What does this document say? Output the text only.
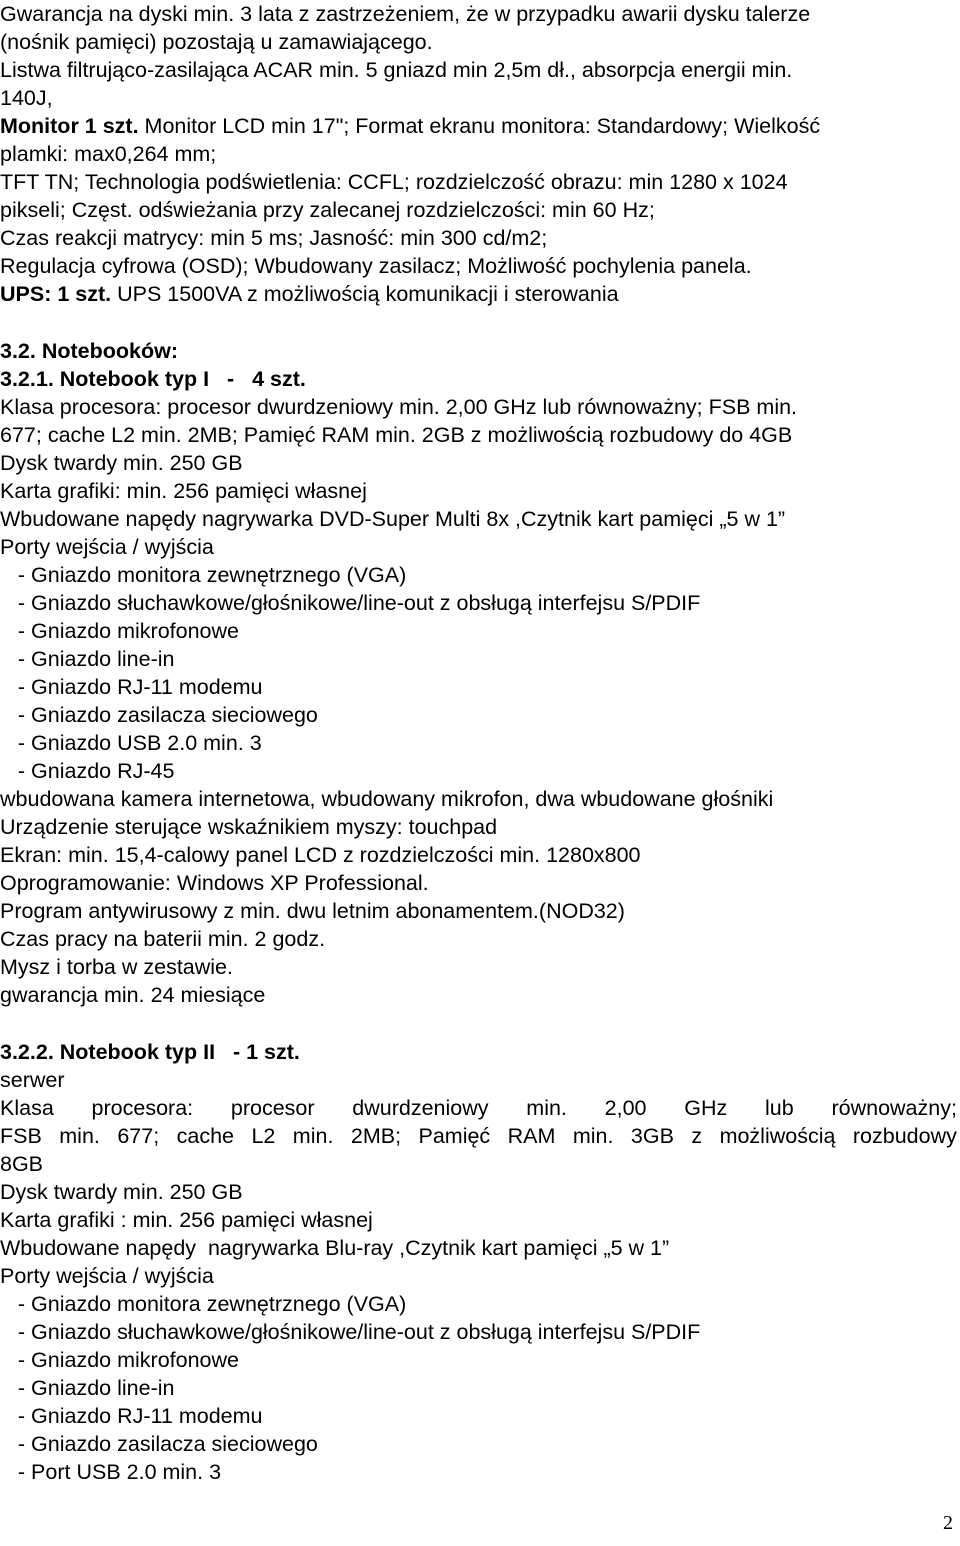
Gwarancja na dyski min. 3 lata z zastrzeżeniem, że w przypadku awarii dysku talerze
(nośnik pamięci) pozostają u zamawiającego.
Listwa filtrująco-zasilająca ACAR min. 5 gniazd min 2,5m dł., absorpcja energii min.
140J,
Monitor 1 szt. Monitor LCD min 17"; Format ekranu monitora: Standardowy; Wielkość
plamki: max0,264 mm;
TFT TN; Technologia podświetlenia: CCFL; rozdzielczość obrazu: min 1280 x 1024
pikseli; Częst. odświeżania przy zalecanej rozdzielczości: min 60 Hz;
Czas reakcji matrycy: min 5 ms; Jasność: min 300 cd/m2;
Regulacja cyfrowa (OSD); Wbudowany zasilacz; Możliwość pochylenia panela.
UPS: 1 szt. UPS 1500VA z możliwością komunikacji i sterowania
3.2. Notebooków:
3.2.1. Notebook typ I   -   4 szt.
Klasa procesora: procesor dwurdzeniowy min. 2,00 GHz lub równoważny; FSB min.
677; cache L2 min. 2MB; Pamięć RAM min. 2GB z możliwością rozbudowy do 4GB
Dysk twardy min. 250 GB
Karta grafiki: min. 256 pamięci własnej
Wbudowane napędy nagrywarka DVD-Super Multi 8x ,Czytnik kart pamięci „5 w 1”
Porty wejścia / wyjścia
- Gniazdo monitora zewnętrznego (VGA)
- Gniazdo słuchawkowe/głośnikowe/line-out z obsługą interfejsu S/PDIF
- Gniazdo mikrofonowe
- Gniazdo line-in
- Gniazdo RJ-11 modemu
- Gniazdo zasilacza sieciowego
- Gniazdo USB 2.0 min. 3
- Gniazdo RJ-45
wbudowana kamera internetowa, wbudowany mikrofon, dwa wbudowane głośniki
Urządzenie sterujące wskaźnikiem myszy: touchpad
Ekran: min. 15,4-calowy panel LCD z rozdzielczości min. 1280x800
Oprogramowanie: Windows XP Professional.
Program antywirusowy z min. dwu letnim abonamentem.(NOD32)
Czas pracy na baterii min. 2 godz.
Mysz i torba w zestawie.
gwarancja min. 24 miesiące
3.2.2. Notebook typ II   - 1 szt.
serwer
Klasa procesora: procesor dwurdzeniowy min. 2,00 GHz lub równoważny;
FSB min. 677; cache L2 min. 2MB; Pamięć RAM min. 3GB z możliwością rozbudowy
8GB
Dysk twardy min. 250 GB
Karta grafiki : min. 256 pamięci własnej
Wbudowane napędy  nagrywarka Blu-ray ,Czytnik kart pamięci „5 w 1”
Porty wejścia / wyjścia
- Gniazdo monitora zewnętrznego (VGA)
- Gniazdo słuchawkowe/głośnikowe/line-out z obsługą interfejsu S/PDIF
- Gniazdo mikrofonowe
- Gniazdo line-in
- Gniazdo RJ-11 modemu
- Gniazdo zasilacza sieciowego
- Port USB 2.0 min. 3
2
